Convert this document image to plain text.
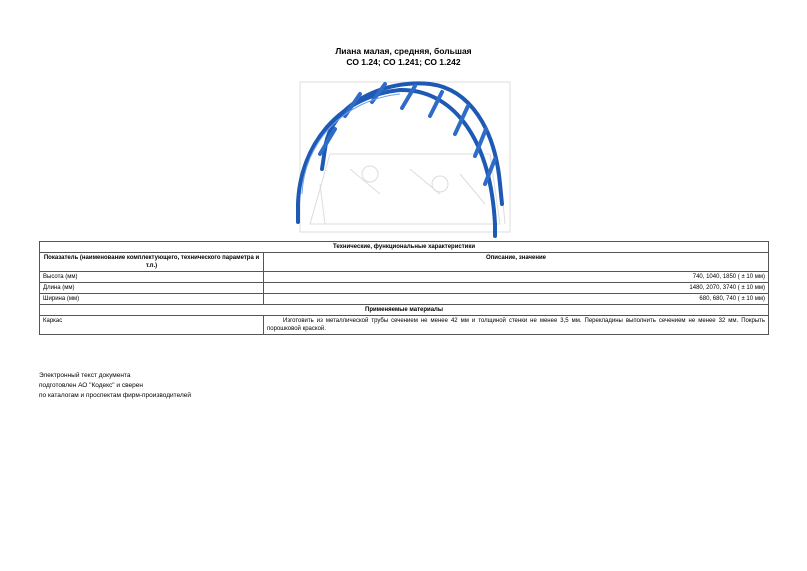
Лиана малая, средняя, большая
СО 1.24; СО 1.241; СО 1.242
Технические, функциональные характеристики	
Показатель (наименование комплектующего, технического параметра и т.п.)	Описание, значение
Высота (мм)	740, 1040, 1850 ( ± 10 мм)
Длина (мм)	1480, 2070, 3740 ( ± 10 мм)
Ширина (мм)	680, 680, 740 ( ± 10 мм)
Применяемые материалы	
Каркас	Изготовить из металлической трубы сечением не менее 42 мм и толщиной стенки не менее 3,5 мм. Перекладины выполнить сечением не менее 32 мм. Покрыть порошковой краской.
Электронный текст документа
подготовлен АО "Кодекс" и сверен
по каталогам и проспектам фирм-производителей
